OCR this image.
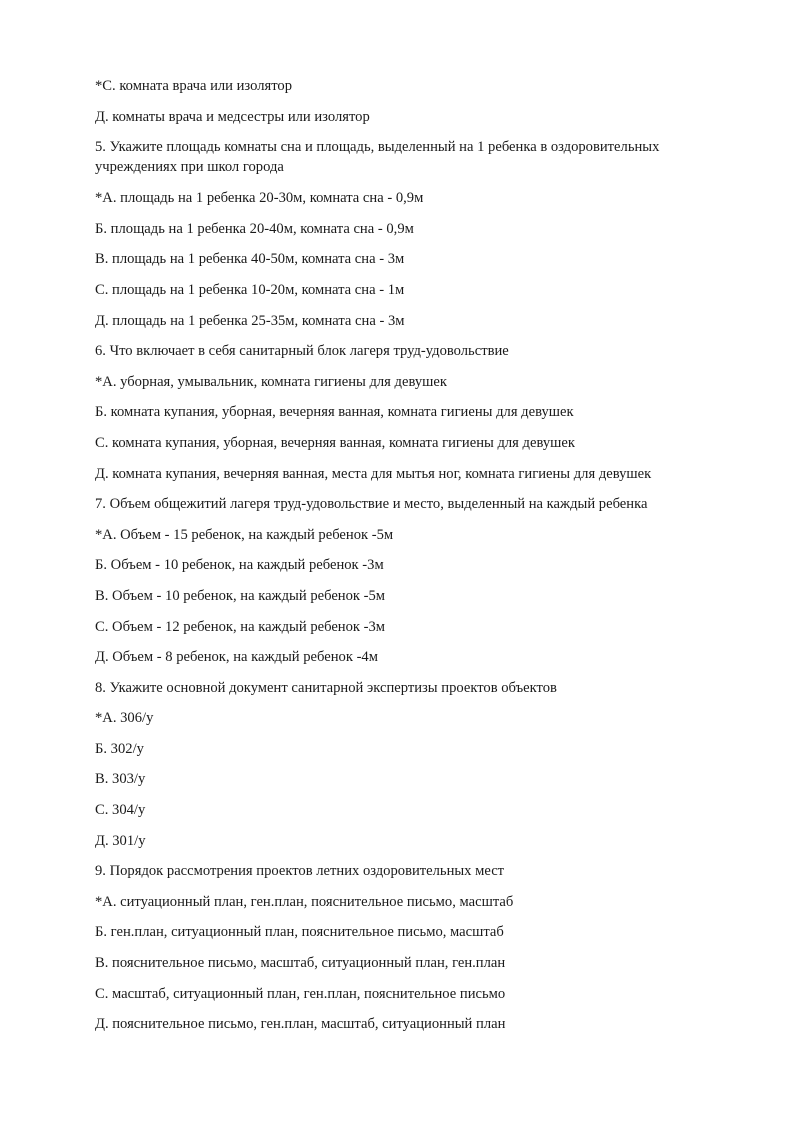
*С. комната врача или изолятор

Д. комнаты врача и медсестры или изолятор

5. Укажите площадь комнаты сна и площадь, выделенный на 1 ребенка в оздоровительных учреждениях при школ города

*А. площадь на 1 ребенка 20-30м, комната сна - 0,9м

Б. площадь на 1 ребенка 20-40м, комната сна - 0,9м

В. площадь на 1 ребенка 40-50м, комната сна - 3м

С. площадь на 1 ребенка 10-20м, комната сна - 1м

Д. площадь на 1 ребенка 25-35м, комната сна - 3м

6. Что включает в себя санитарный блок лагеря труд-удовольствие

*А. уборная, умывальник, комната гигиены для девушек

Б. комната купания, уборная, вечерняя ванная, комната гигиены для девушек

С. комната купания, уборная, вечерняя ванная, комната гигиены для девушек

Д. комната купания, вечерняя ванная, места для мытья ног, комната гигиены для девушек

7. Объем общежитий лагеря труд-удовольствие и место, выделенный на каждый ребенка

*А. Объем - 15 ребенок, на каждый ребенок -5м

Б. Объем - 10 ребенок, на каждый ребенок -3м

В. Объем - 10 ребенок, на каждый ребенок -5м

С. Объем - 12 ребенок, на каждый ребенок -3м

Д. Объем - 8 ребенок, на каждый ребенок -4м

8. Укажите основной документ санитарной экспертизы проектов объектов

*А. 306/у

Б. 302/у

В. 303/у

С. 304/у

Д. 301/у

9. Порядок рассмотрения проектов летних оздоровительных мест

*А. ситуационный план, ген.план, пояснительное письмо, масштаб

Б. ген.план, ситуационный план, пояснительное письмо, масштаб

В. пояснительное письмо, масштаб, ситуационный план, ген.план

С. масштаб, ситуационный план, ген.план, пояснительное письмо

Д. пояснительное письмо, ген.план, масштаб, ситуационный план
